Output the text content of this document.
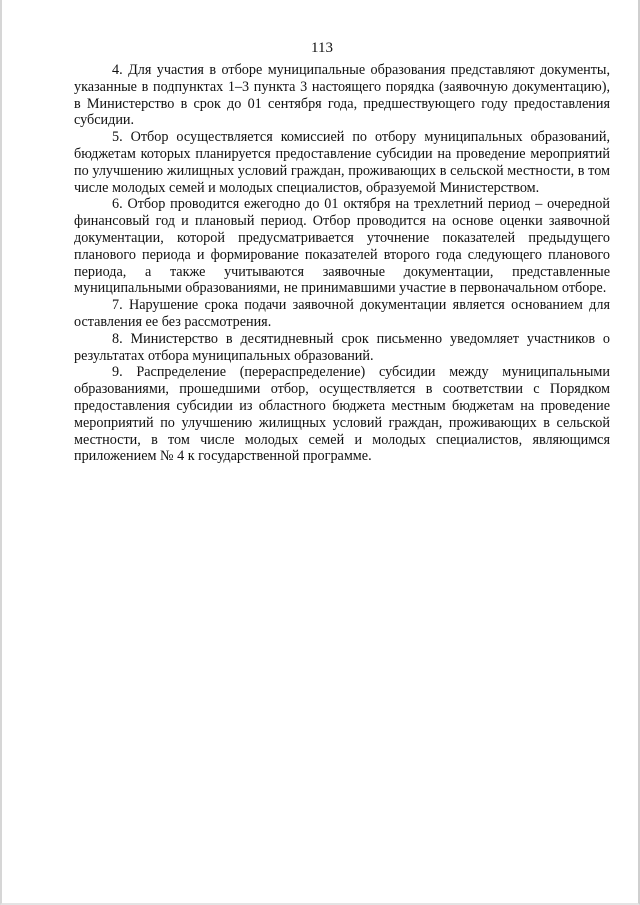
113

4. Для участия в отборе муниципальные образования представляют документы, указанные в подпунктах 1–3 пункта 3 настоящего порядка (заявочную документацию), в Министерство в срок до 01 сентября года, предшествующего году предоставления субсидии.

5. Отбор осуществляется комиссией по отбору муниципальных образований, бюджетам которых планируется предоставление субсидии на проведение мероприятий по улучшению жилищных условий граждан, проживающих в сельской местности, в том числе молодых семей и молодых специалистов, образуемой Министерством.

6. Отбор проводится ежегодно до 01 октября на трехлетний период – очередной финансовый год и плановый период. Отбор проводится на основе оценки заявочной документации, которой предусматривается уточнение показателей предыдущего планового периода и формирование показателей второго года следующего планового периода, а также учитываются заявочные документации, представленные муниципальными образованиями, не принимавшими участие в первоначальном отборе.

7. Нарушение срока подачи заявочной документации является основанием для оставления ее без рассмотрения.

8. Министерство в десятидневный срок письменно уведомляет участников о результатах отбора муниципальных образований.

9. Распределение (перераспределение) субсидии между муниципальными образованиями, прошедшими отбор, осуществляется в соответствии с Порядком предоставления субсидии из областного бюджета местным бюджетам на проведение мероприятий по улучшению жилищных условий граждан, проживающих в сельской местности, в том числе молодых семей и молодых специалистов, являющимся приложением № 4 к государственной программе.
